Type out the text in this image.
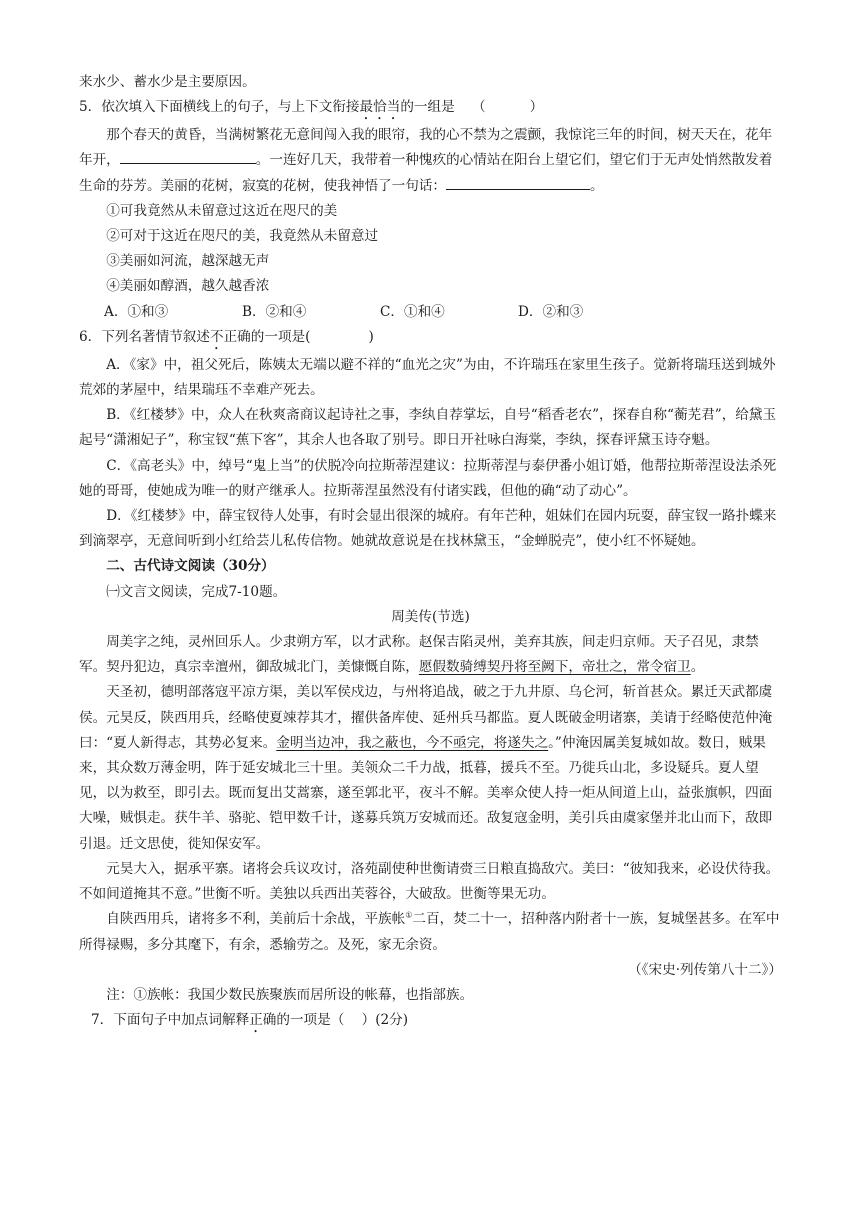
来水少、蓄水少是主要原因。

5．依次填入下面横线上的句子，与上下文衔接最恰当的一组是 （	）

那个春天的黄昏，当满树繁花无意间闯入我的眼帘，我的心不禁为之震颤，我惊诧三年的时间，树天天在，花年年开，	。一连好几天，我带着一种愧疚的心情站在阳台上望它们，望它们于无声处悄然散发着生命的芬芳。美丽的花树，寂寞的花树，使我神悟了一句话：	。

①可我竟然从未留意过这近在咫尺的美

②可对于这近在咫尺的美，我竟然从未留意过

③美丽如河流，越深越无声

④美丽如醇酒，越久越香浓

A．①和③	B．②和④	C．①和④	D．②和③

6．下列名著情节叙述不正确的一项是(	)

A．《家》中，祖父死后，陈姨太无端以避不祥的“血光之灾”为由，不许瑞珏在家里生孩子。觉新将瑞珏送到城外荒郊的茅屋中，结果瑞珏不幸难产死去。

B．《红楼梦》中，众人在秋爽斋商议起诗社之事，李纨自荐掌坛，自号“稻香老农”，探春自称“蘅芜君”，给黛玉起号“潇湘妃子”，称宝钗“蕉下客”，其余人也各取了别号。即日开社咏白海棠，李纨，探春评黛玉诗夺魁。

C．《高老头》中，绰号“鬼上当”的伏脱冷向拉斯蒂涅建议：拉斯蒂涅与泰伊番小姐订婚，他帮拉斯蒂涅设法杀死她的哥哥，使她成为唯一的财产继承人。拉斯蒂涅虽然没有付诸实践，但他的确“动了动心”。

D．《红楼梦》中，薛宝钗待人处事，有时会显出很深的城府。有年芒种，姐妹们在园内玩耍，薛宝钗一路扑蝶来到滴翠亭，无意间听到小红给芸儿私传信物。她就故意说是在找林黛玉，“金蝉脱壳”，使小红不怀疑她。

二、古代诗文阅读（30分）

㈠文言文阅读，完成7-10题。

周美传(节选)

周美字之纯，灵州回乐人。少隶朔方军，以才武称。赵保吉陷灵州，美弃其族，间走归京师。天子召见，隶禁军。契丹犯边，真宗幸澶州，御敌城北门，美慷慨自陈，愿假数骑缚契丹将至阙下，帝壮之，常令宿卫。

天圣初，德明部落寇平凉方渠，美以军侯戍边，与州将追战，破之于九井原、乌仑河，斩首甚众。累迁天武都虞侯。元昊反，陕西用兵，经略使夏竦荐其才，擢供备库使、延州兵马都监。夏人既破金明诸寨，美请于经略使范仲淹曰：“夏人新得志，其势必复来。金明当边冲，我之蔽也，今不亟完，将遂失之。”仲淹因属美复城如故。数日，贼果来，其众数万薄金明，阵于延安城北三十里。美领众二千力战，抵暮，援兵不至。乃徙兵山北，多设疑兵。夏人望见，以为救至，即引去。既而复出艾蒿寨，遂至郭北平，夜斗不解。美率众使人持一炬从间道上山，益张旗帜，四面大噪，贼惧走。获牛羊、骆驼、铠甲数千计，遂募兵筑万安城而还。敌复寇金明，美引兵由虞家堡并北山而下，敌即引退。迁文思使，徙知保安军。

元昊大入，据承平寨。诸将会兵议攻讨，洛苑副使种世衡请赍三日粮直捣敌穴。美曰：“彼知我来，必设伏待我。不如间道掩其不意。”世衡不听。美独以兵西出芙蓉谷，大破敌。世衡等果无功。

自陕西用兵，诸将多不利，美前后十余战，平族帐①二百，焚二十一，招种落内附者十一族，复城堡甚多。在军中所得禄赐，多分其麾下，有余，悉输劳之。及死，家无余资。

（《宋史·列传第八十二》）

注：①族帐：我国少数民族聚族而居所设的帐幕，也指部族。

7．下面句子中加点词解释正确的一项是（ ）(2分)
